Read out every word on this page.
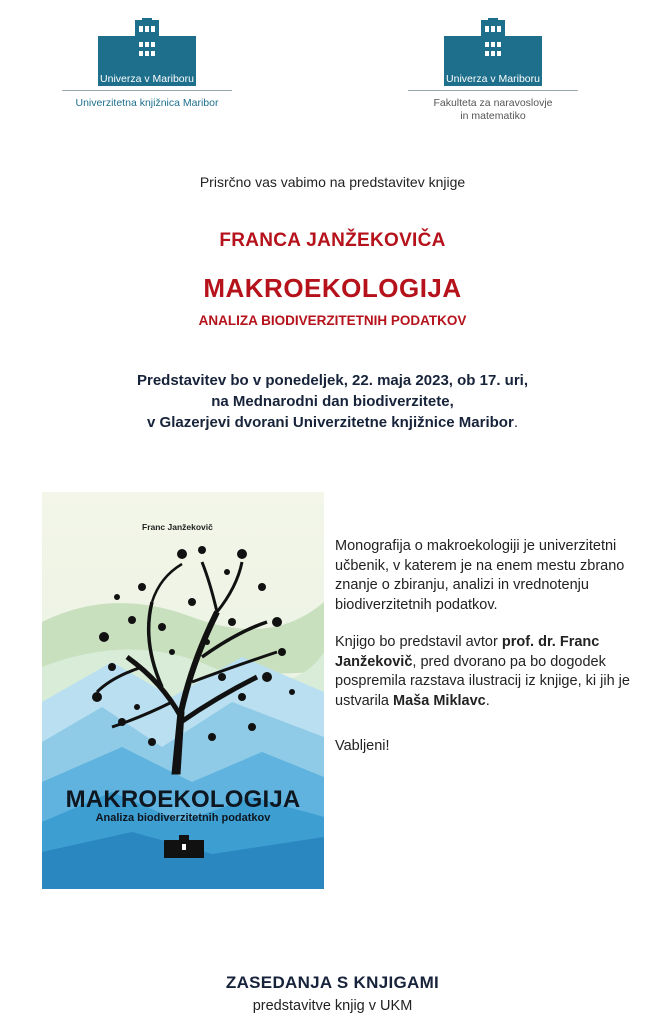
Univerza v Mariboru
Univerzitetna knjižnica Maribor
Univerza v Mariboru
Fakulteta za naravoslovje
in matematiko
Prisrčno vas vabimo na predstavitev knjige
FRANCA JANŽEKOVIČA
MAKROEKOLOGIJA
ANALIZA BIODIVERZITETNIH PODATKOV
Predstavitev bo v ponedeljek, 22. maja 2023, ob 17. uri,
na Mednarodni dan biodiverzitete,
v Glazerjevi dvorani Univerzitetne knjižnice Maribor.
Franc Janžekovič
MAKROEKOLOGIJA
Analiza biodiverzitetnih podatkov

Monografija o makroekologiji je univerzitetni učbenik, v katerem je na enem mestu zbrano znanje o zbiranju, analizi in vrednotenju biodiverzitetnih podatkov.

Knjigo bo predstavil avtor prof. dr. Franc Janžekovič, pred dvorano pa bo dogodek pospremila razstava ilustracij iz knjige, ki jih je ustvarila Maša Miklavc.

Vabljeni!

ZASEDANJA S KNJIGAMI
predstavitve knjig v UKM
